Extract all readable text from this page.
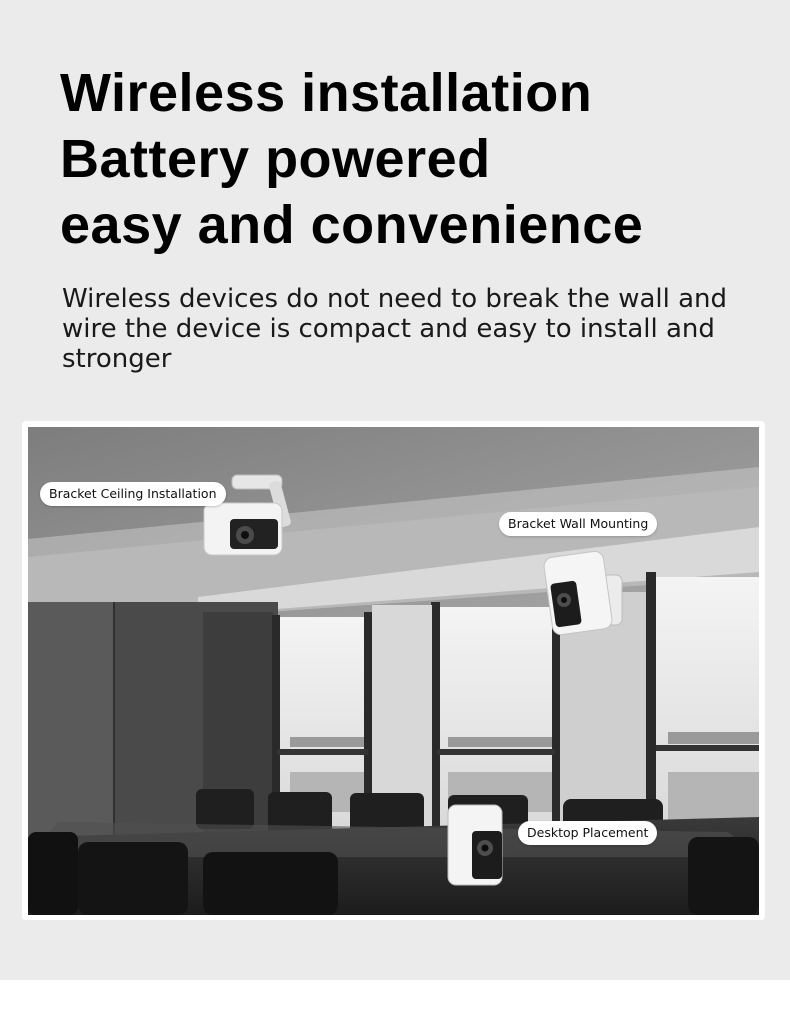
Wireless installation
Battery powered
easy and convenience

Wireless devices do not need to break the wall and wire the device is compact and easy to install and stronger

Bracket Ceiling Installation
Bracket Wall Mounting
Desktop Placement
